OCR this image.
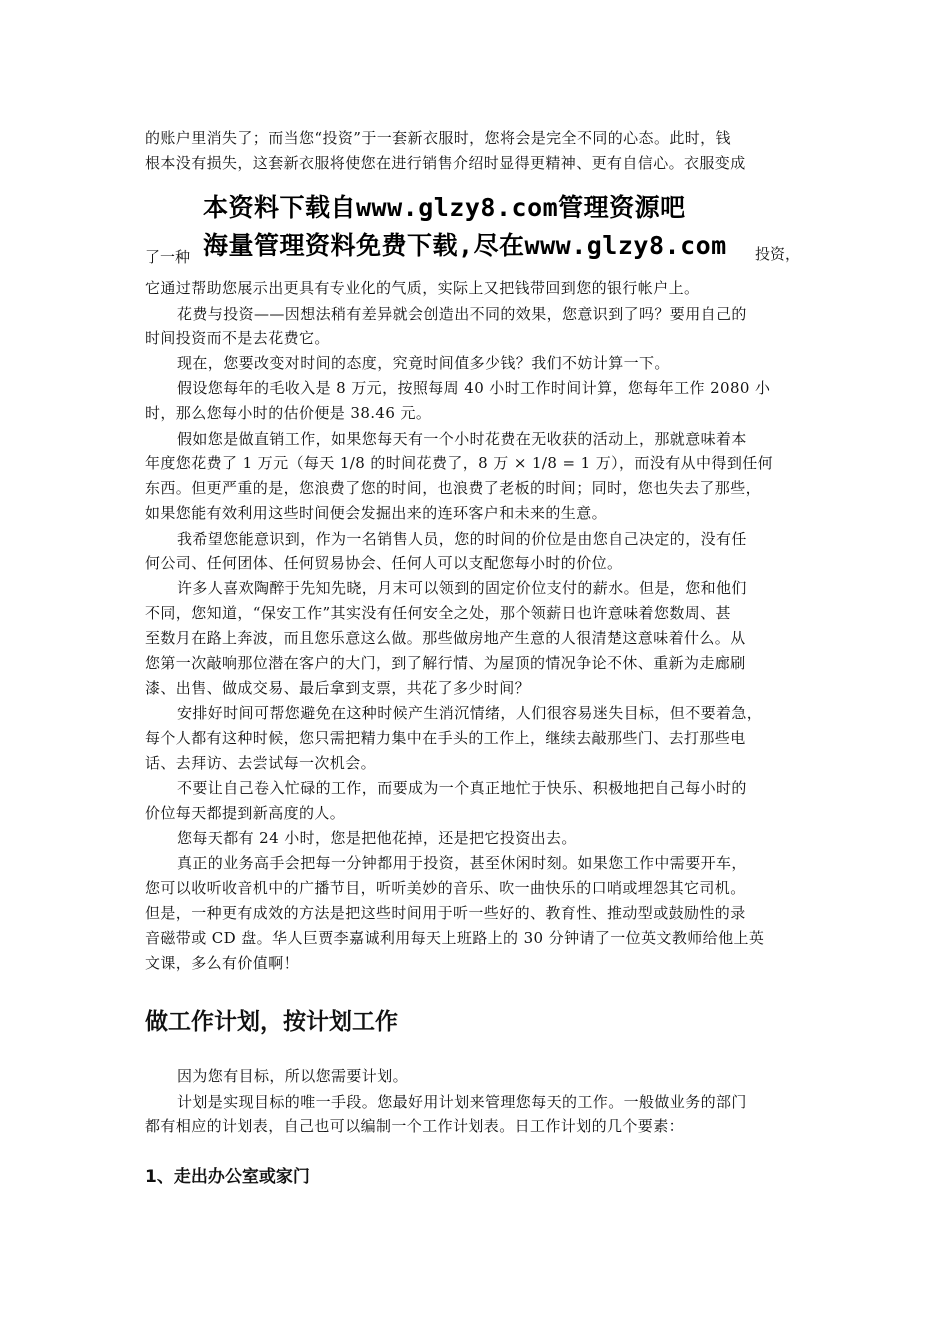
的账户里消失了；而当您“投资”于一套新衣服时，您将会是完全不同的心态。此时，钱
根本没有损失，这套新衣服将使您在进行销售介绍时显得更精神、更有自信心。衣服变成
本资料下载自www.glzy8.com管理资源吧
海量管理资料免费下载,尽在www.glzy8.com
了一种	投资，
它通过帮助您展示出更具有专业化的气质，实际上又把钱带回到您的银行帐户上。
花费与投资——因想法稍有差异就会创造出不同的效果，您意识到了吗？要用自己的
时间投资而不是去花费它。
现在，您要改变对时间的态度，究竟时间值多少钱？我们不妨计算一下。
假设您每年的毛收入是 8 万元，按照每周 40 小时工作时间计算，您每年工作 2080 小
时，那么您每小时的估价便是 38.46 元。
假如您是做直销工作，如果您每天有一个小时花费在无收获的活动上，那就意味着本
年度您花费了 1 万元（每天 1/8 的时间花费了，8 万 × 1/8 = 1 万），而没有从中得到任何
东西。但更严重的是，您浪费了您的时间，也浪费了老板的时间；同时，您也失去了那些，
如果您能有效利用这些时间便会发掘出来的连环客户和未来的生意。
我希望您能意识到，作为一名销售人员，您的时间的价位是由您自己决定的，没有任
何公司、任何团体、任何贸易协会、任何人可以支配您每小时的价位。
许多人喜欢陶醉于先知先晓，月末可以领到的固定价位支付的薪水。但是，您和他们
不同，您知道，“保安工作”其实没有任何安全之处，那个领薪日也许意味着您数周、甚
至数月在路上奔波，而且您乐意这么做。那些做房地产生意的人很清楚这意味着什么。从
您第一次敲响那位潜在客户的大门，到了解行情、为屋顶的情况争论不休、重新为走廊刷
漆、出售、做成交易、最后拿到支票，共花了多少时间？
安排好时间可帮您避免在这种时候产生消沉情绪，人们很容易迷失目标，但不要着急，
每个人都有这种时候，您只需把精力集中在手头的工作上，继续去敲那些门、去打那些电
话、去拜访、去尝试每一次机会。
不要让自己卷入忙碌的工作，而要成为一个真正地忙于快乐、积极地把自己每小时的
价位每天都提到新高度的人。
您每天都有 24 小时，您是把他花掉，还是把它投资出去。
真正的业务高手会把每一分钟都用于投资，甚至休闲时刻。如果您工作中需要开车，
您可以收听收音机中的广播节目，听听美妙的音乐、吹一曲快乐的口哨或埋怨其它司机。
但是，一种更有成效的方法是把这些时间用于听一些好的、教育性、推动型或鼓励性的录
音磁带或 CD 盘。华人巨贾李嘉诚利用每天上班路上的 30 分钟请了一位英文教师给他上英
文课，多么有价值啊！
做工作计划，按计划工作
因为您有目标，所以您需要计划。
计划是实现目标的唯一手段。您最好用计划来管理您每天的工作。一般做业务的部门
都有相应的计划表，自己也可以编制一个工作计划表。日工作计划的几个要素：
1、走出办公室或家门
